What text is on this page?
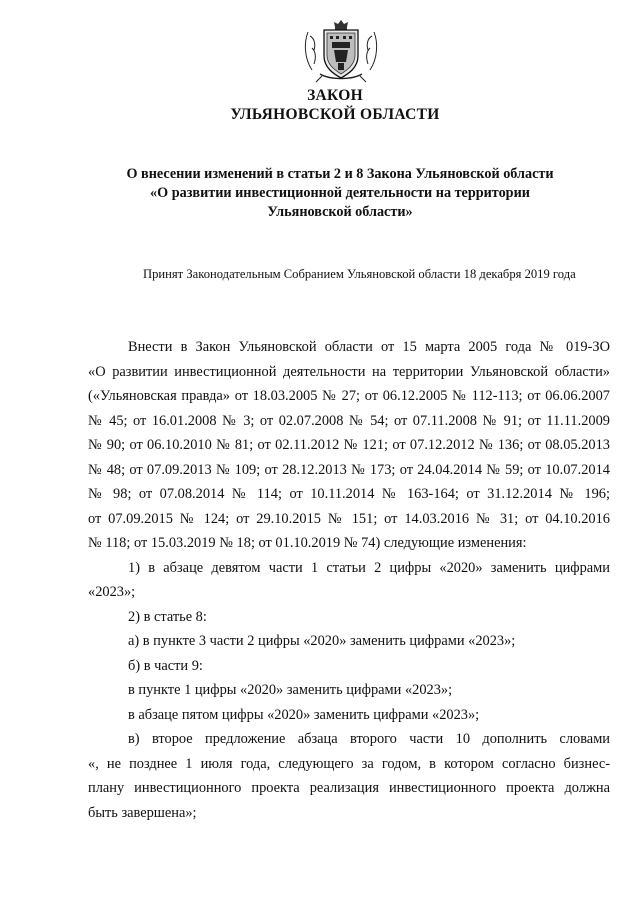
ЗАКОН
УЛЬЯНОВСКОЙ ОБЛАСТИ
О внесении изменений в статьи 2 и 8 Закона Ульяновской области
«О развитии инвестиционной деятельности на территории
Ульяновской области»
Принят Законодательным Собранием Ульяновской области 18 декабря 2019 года
Внести в Закон Ульяновской области от 15 марта 2005 года № 019-ЗО
«О развитии инвестиционной деятельности на территории Ульяновской области»
(«Ульяновская правда» от 18.03.2005 № 27; от 06.12.2005 № 112-113; от 06.06.2007
№ 45; от 16.01.2008 № 3; от 02.07.2008 № 54; от 07.11.2008 № 91; от 11.11.2009
№ 90; от 06.10.2010 № 81; от 02.11.2012 № 121; от 07.12.2012 № 136; от 08.05.2013
№ 48; от 07.09.2013 № 109; от 28.12.2013 № 173; от 24.04.2014 № 59; от 10.07.2014
№ 98; от 07.08.2014 № 114; от 10.11.2014 № 163-164; от 31.12.2014 № 196;
от 07.09.2015 № 124; от 29.10.2015 № 151; от 14.03.2016 № 31; от 04.10.2016
№ 118; от 15.03.2019 № 18; от 01.10.2019 № 74) следующие изменения:
1) в абзаце девятом части 1 статьи 2 цифры «2020» заменить цифрами
«2023»;

2) в статье 8:

а) в пункте 3 части 2 цифры «2020» заменить цифрами «2023»;

б) в части 9:

в пункте 1 цифры «2020» заменить цифрами «2023»;

в абзаце пятом цифры «2020» заменить цифрами «2023»;

в) второе предложение абзаца второго части 10 дополнить словами
«, не позднее 1 июля года, следующего за годом, в котором согласно бизнес-
плану инвестиционного проекта реализация инвестиционного проекта должна
быть завершена»;
